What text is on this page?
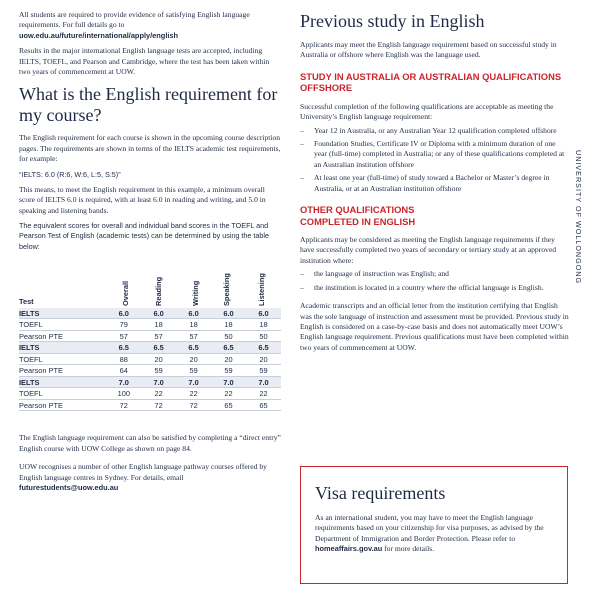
All students are required to provide evidence of satisfying English language requirements. For full details go to uow.edu.au/future/international/apply/english

Results in the major international English language tests are accepted, including IELTS, TOEFL, and Pearson and Cambridge, where the test has been taken within two years of commencement at UOW.

What is the English requirement for my course?

The English requirement for each course is shown in the upcoming course description pages. The requirements are shown in terms of the IELTS academic test requirements, for example:

“IELTS: 6.0 (R:6, W:6, L:5, S:5)”

This means, to meet the English requirement in this example, a minimum overall score of IELTS 6.0 is required, with at least 6.0 in reading and writing, and 5.0 in speaking and listening bands.

The equivalent scores for overall and individual band scores in the TOEFL and Pearson Test of English (academic tests) can be determined by using the table below:

Test	Overall	Reading	Writing	Speaking	Listening
IELTS	6.0	6.0	6.0	6.0	6.0
TOEFL	79	18	18	18	18
Pearson PTE	57	57	57	50	50
IELTS	6.5	6.5	6.5	6.5	6.5
TOEFL	88	20	20	20	20
Pearson PTE	64	59	59	59	59
IELTS	7.0	7.0	7.0	7.0	7.0
TOEFL	100	22	22	22	22
Pearson PTE	72	72	72	65	65

The English language requirement can also be satisfied by completing a “direct entry” English course with UOW College as shown on page 84.

UOW recognises a number of other English language pathway courses offered by English language centres in Sydney. For details, email futurestudents@uow.edu.au

Previous study in English

Applicants may meet the English language requirement based on successful study in Australia or offshore where English was the language used.

STUDY IN AUSTRALIA OR AUSTRALIAN QUALIFICATIONS OFFSHORE

Successful completion of the following qualifications are acceptable as meeting the University’s English language requirement:

– Year 12 in Australia, or any Australian Year 12 qualification completed offshore
– Foundation Studies, Certificate IV or Diploma with a minimum duration of one year (full-time) completed in Australia; or any of these qualifications completed at an Australian institution offshore
– At least one year (full-time) of study toward a Bachelor or Master’s degree in Australia, or at an Australian institution offshore

OTHER QUALIFICATIONS COMPLETED IN ENGLISH

Applicants may be considered as meeting the English language requirements if they have successfully completed two years of secondary or tertiary study at an approved institution where:

– the language of instruction was English; and
– the institution is located in a country where the official language is English.

Academic transcripts and an official letter from the institution certifying that English was the sole language of instruction and assessment must be provided. Previous study in English is considered on a case-by-case basis and does not automatically meet UOW’s English language requirement. Previous qualifications must have been completed within two years of commencement at UOW.

Visa requirements

As an international student, you may have to meet the English language requirements based on your citizenship for visa purposes, as advised by the Department of Immigration and Border Protection. Please refer to homeaffairs.gov.au for more details.

UNIVERSITY OF WOLLONGONG
